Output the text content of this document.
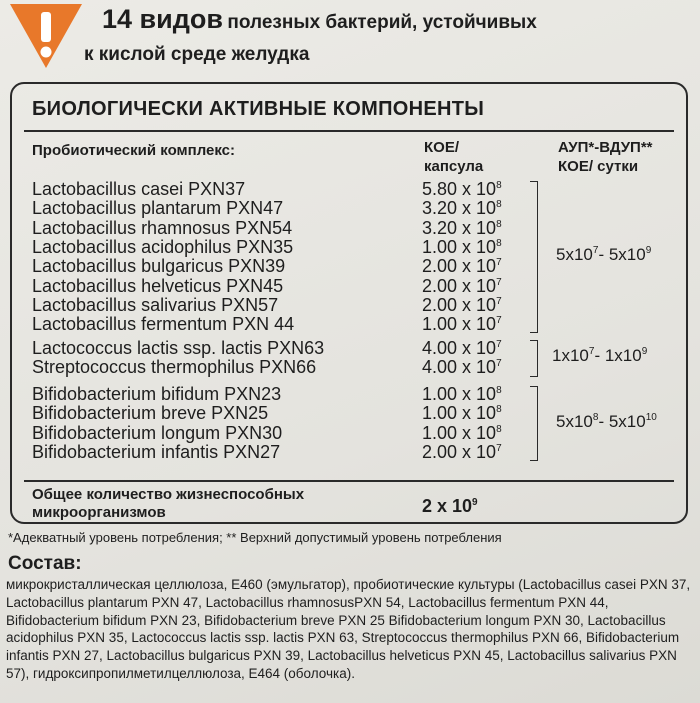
14 видов полезных бактерий, устойчивых
к кислой среде желудка
БИОЛОГИЧЕСКИ АКТИВНЫЕ КОМПОНЕНТЫ
Пробиотический комплекс:	КОЕ/
капсула
АУП*-ВДУП**
КОЕ/ сутки
Lactobacillus casei PXN37	5.80 x $10^8$
Lactobacillus plantarum PXN47	3.20 x $10^8$
Lactobacillus rhamnosus PXN54	3.20 x $10^8$
Lactobacillus acidophilus PXN35	1.00 x $10^8$
Lactobacillus bulgaricus PXN39	2.00 x $10^7$
Lactobacillus helveticus PXN45	2.00 x $10^7$
Lactobacillus salivarius PXN57	2.00 x $10^7$
Lactobacillus fermentum PXN 44	1.00 x $10^7$
$5x10^7-$ $5x10^9$
Lactococcus lactis ssp. lactis PXN63	4.00 x $10^7$
Streptococcus thermophilus PXN66	4.00 x $10^7$	$1x10^7-$ $1x10^9$
Bifidobacterium bifidum PXN23	1.00 x $10^8$
Bifidobacterium breve PXN25	1.00 x $10^8$
Bifidobacterium longum PXN30	1.00 x $10^8$
Bifidobacterium infantis PXN27	2.00 x $10^7$
$5x10^8-$ $5x10^{10}$
Общее количество жизнеспособных
микроорганизмов	2 x $10^9$
*Адекватный уровень потребления; ** Верхний допустимый уровень потребления
Состав:
микрокристаллическая целлюлоза, Е460 (эмульгатор), пробиотические культуры (Lactobacillus casei PXN 37, Lactobacillus plantarum PXN 47, Lactobacillus rhamnosusPXN 54, Lactobacillus fermentum PXN 44, Bifidobacterium bifidum PXN 23, Bifidobacterium breve PXN 25 Bifidobacterium longum PXN 30, Lactobacillus acidophilus PXN 35, Lactococcus lactis ssp. lactis PXN 63, Streptococcus thermophilus PXN 66, Bifidobacterium infantis PXN 27, Lactobacillus bulgaricus PXN 39, Lactobacillus helveticus PXN 45, Lactobacillus salivarius PXN 57), гидроксипропилметилцеллюлоза, Е464 (оболочка).
